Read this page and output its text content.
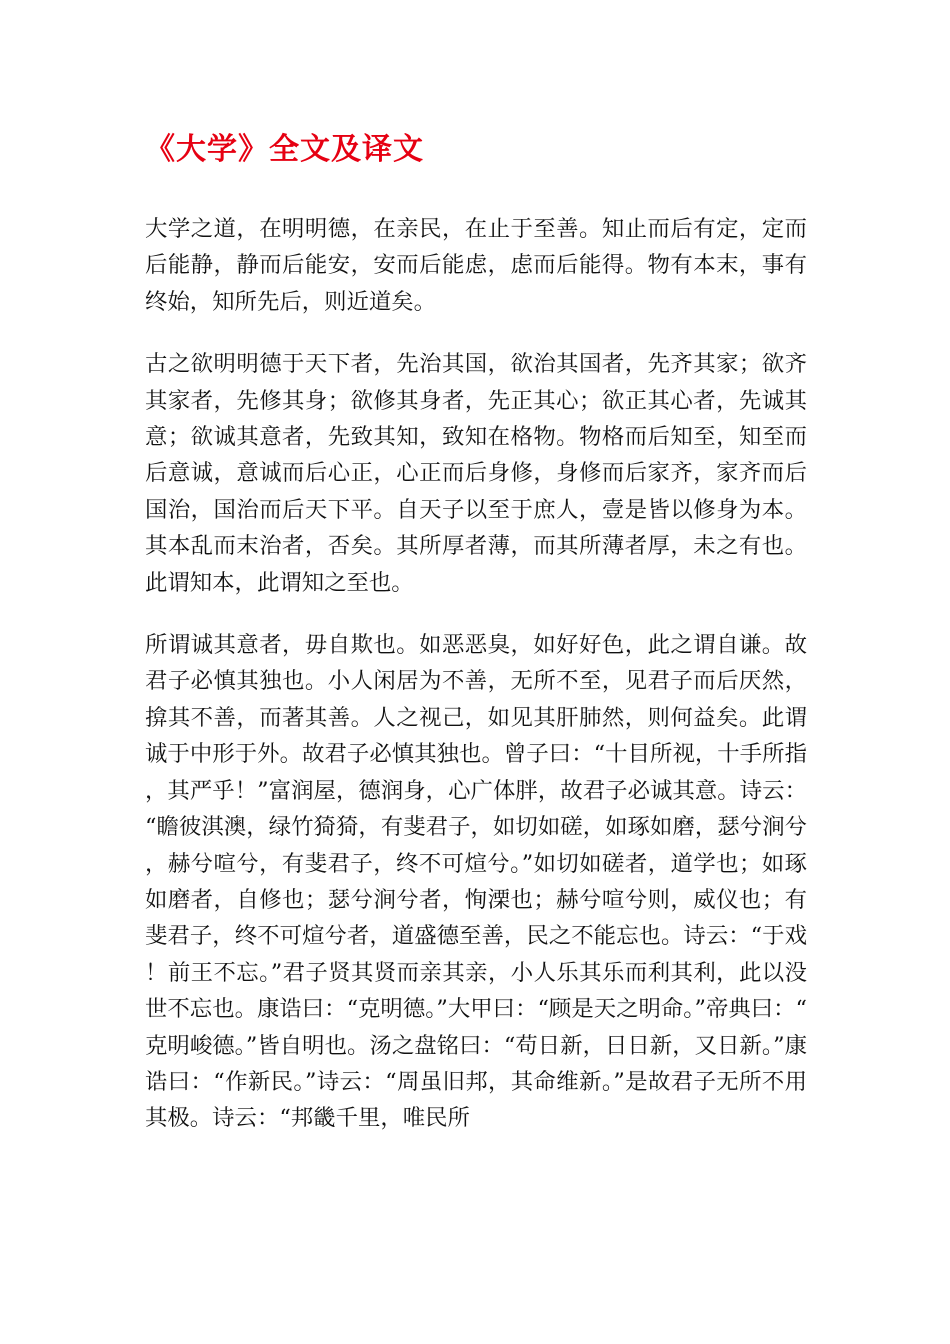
《大学》全文及译文

大学之道，在明明德，在亲民，在止于至善。知止而后有定，定而后能静，静而后能安，安而后能虑，虑而后能得。物有本末，事有终始，知所先后，则近道矣。

古之欲明明德于天下者，先治其国，欲治其国者，先齐其家；欲齐其家者，先修其身；欲修其身者，先正其心；欲正其心者，先诚其意；欲诚其意者，先致其知，致知在格物。物格而后知至，知至而后意诚，意诚而后心正，心正而后身修，身修而后家齐，家齐而后国治，国治而后天下平。自天子以至于庶人，壹是皆以修身为本。其本乱而末治者，否矣。其所厚者薄，而其所薄者厚，未之有也。此谓知本，此谓知之至也。

所谓诚其意者，毋自欺也。如恶恶臭，如好好色，此之谓自谦。故君子必慎其独也。小人闲居为不善，无所不至，见君子而后厌然，揜其不善，而著其善。人之视己，如见其肝肺然，则何益矣。此谓诚于中形于外。故君子必慎其独也。曾子曰：“十目所视，十手所指，其严乎！”富润屋，德润身，心广体胖，故君子必诚其意。诗云：“瞻彼淇澳，绿竹猗猗，有斐君子，如切如磋，如琢如磨，瑟兮涧兮，赫兮喧兮，有斐君子，终不可煊兮。”如切如磋者，道学也；如琢如磨者，自修也；瑟兮涧兮者，恂溧也；赫兮喧兮则，威仪也；有斐君子，终不可煊兮者，道盛德至善，民之不能忘也。诗云：“于戏！前王不忘。”君子贤其贤而亲其亲，小人乐其乐而利其利，此以没世不忘也。康诰曰：“克明德。”大甲曰：“顾是天之明命。”帝典曰：“克明峻德。”皆自明也。汤之盘铭曰：“苟日新，日日新，又日新。”康诰曰：“作新民。”诗云：“周虽旧邦，其命维新。”是故君子无所不用其极。诗云：“邦畿千里，唯民所
